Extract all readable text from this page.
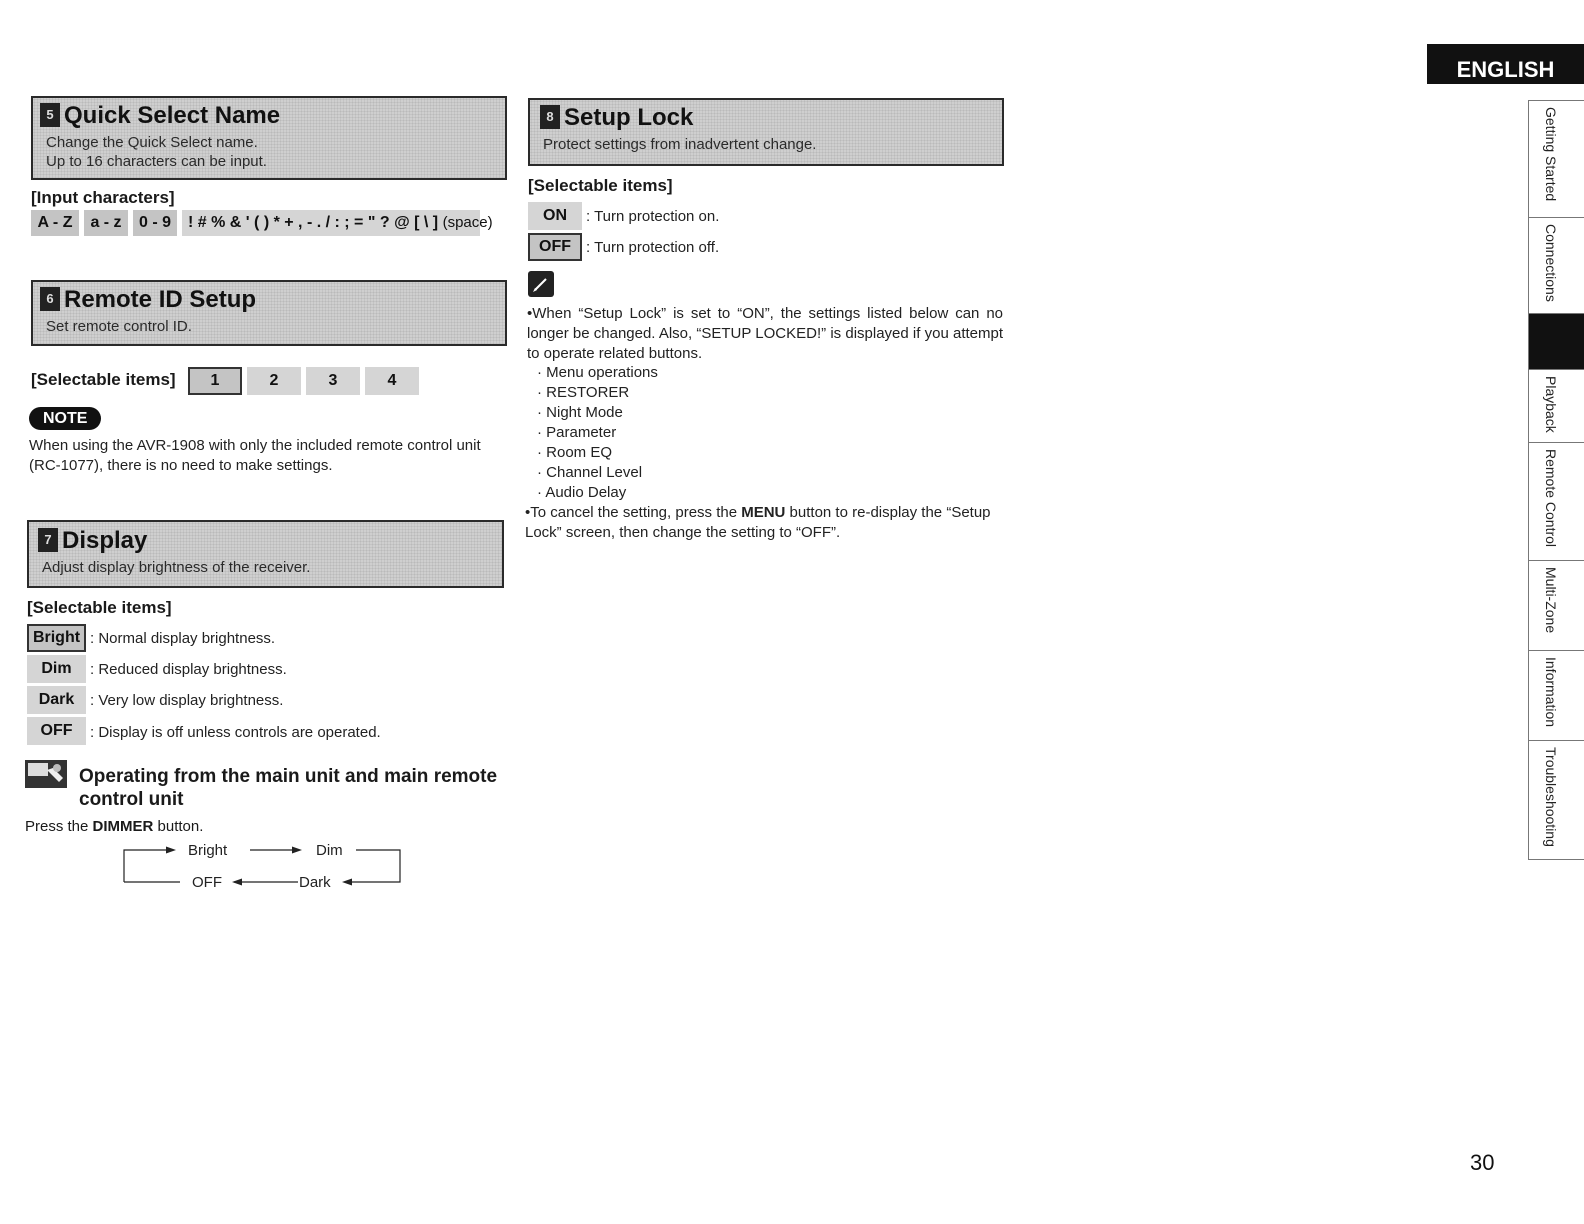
5 Quick Select Name
Change the Quick Select name.
Up to 16 characters can be input.
[Input characters]
A - Z	a - z	0 - 9	! # % & ' ( ) * + , - . / : ; = " ? @ [ \ ] (space)
6 Remote ID Setup
Set remote control ID.
[Selectable items]	1	2	3	4
NOTE
When using the AVR-1908 with only the included remote control unit (RC-1077), there is no need to make settings.
7 Display
Adjust display brightness of the receiver.
[Selectable items]
Bright : Normal display brightness.
Dim	: Reduced display brightness.
Dark	: Very low display brightness.
OFF	: Display is off unless controls are operated.
Operating from the main unit and main remote
control unit
Press the DIMMER button.
Bright	Dim
Dark
OFF
8 Setup Lock
Protect settings from inadvertent change.
[Selectable items]
ON	: Turn protection on.
OFF	: Turn protection off.
•When “Setup Lock” is set to “ON”, the settings listed below can no longer be changed. Also, “SETUP LOCKED!” is displayed if you attempt to operate related buttons.
· Menu operations
· RESTORER
· Night Mode
· Parameter
· Room EQ
· Channel Level
· Audio Delay
•To cancel the setting, press the MENU button to re-display the “Setup Lock” screen, then change the setting to “OFF”.
ENGLISH
Getting Started
Connections
Playback
Remote Control
Multi-Zone
Information
Troubleshooting
30
